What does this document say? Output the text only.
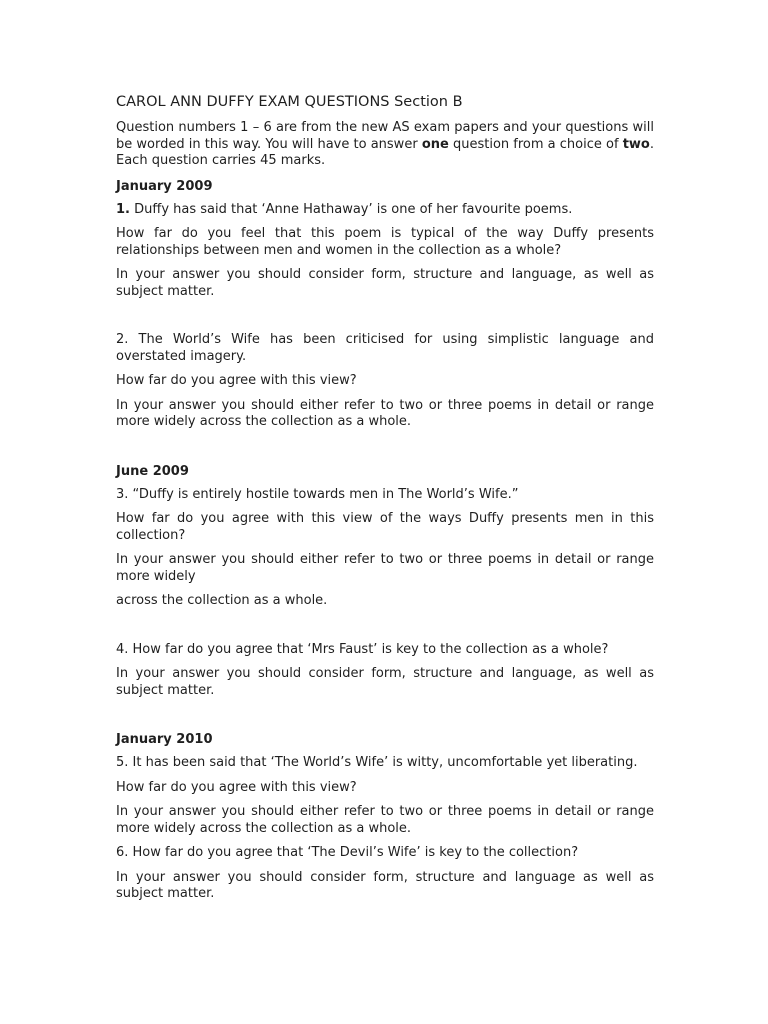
CAROL ANN DUFFY EXAM QUESTIONS Section B

Question numbers 1 – 6 are from the new AS exam papers and your questions will be worded in this way. You will have to answer one question from a choice of two. Each question carries 45 marks.

January 2009

1. Duffy has said that ‘Anne Hathaway’ is one of her favourite poems.

How far do you feel that this poem is typical of the way Duffy presents relationships between men and women in the collection as a whole?

In your answer you should consider form, structure and language, as well as subject matter.

2. The World’s Wife has been criticised for using simplistic language and overstated imagery.

How far do you agree with this view?

In your answer you should either refer to two or three poems in detail or range more widely across the collection as a whole.

June 2009

3. “Duffy is entirely hostile towards men in The World’s Wife.”

How far do you agree with this view of the ways Duffy presents men in this collection?

In your answer you should either refer to two or three poems in detail or range more widely

across the collection as a whole.

4. How far do you agree that ‘Mrs Faust’ is key to the collection as a whole?

In your answer you should consider form, structure and language, as well as subject matter.

January 2010

5. It has been said that ‘The World’s Wife’ is witty, uncomfortable yet liberating.

How far do you agree with this view?

In your answer you should either refer to two or three poems in detail or range more widely across the collection as a whole.

6. How far do you agree that ‘The Devil’s Wife’ is key to the collection?

In your answer you should consider form, structure and language as well as subject matter.
